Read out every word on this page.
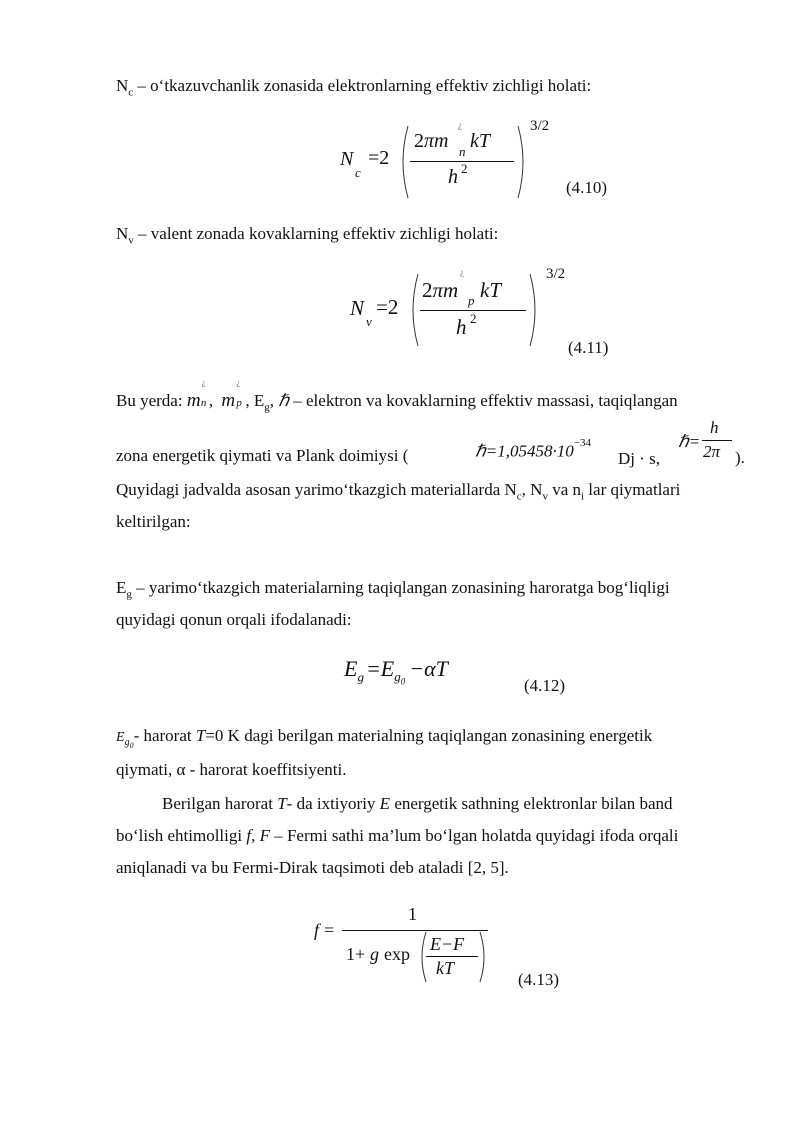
$N_c$ – o‘tkazuvchanlik zonasida elektronlarning effektiv zichligi holati:
N
c
=2
2πm
¿
n kT
h 2
3/2
(4.10)
$N_v$ – valent zonada kovaklarning effektiv zichligi holati:
N
v
=2
2πm
¿
p kT
h 2
3/2
(4.11)
Bu yerda: m
¿
n , m
¿
p , $E_g$, ℏ – elektron va kovaklarning effektiv massasi, taqiqlangan
zona energetik qiymati va Plank doimiysi (	$\hbar=1,05458\cdot 10^{-34}$
Dj · s,
ℏ=
h
2π ).
Quyidagi jadvalda asosan yarimo‘tkazgich materiallarda $N_c$, $N_v$ va $n_i$ lar qiymatlari
keltirilgan:
$E_g$ – yarimo‘tkazgich materialarning taqiqlangan zonasining haroratga bog‘liqligi
quyidagi qonun orqali ifodalanadi:
$E_g=E_{g_0}-\alpha T$
(4.12)
$E_{g_0}-$ harorat T=0 K dagi berilgan materialning taqiqlangan zonasining energetik
qiymati, α - harorat koeffitsiyenti.
Berilgan harorat T- da ixtiyoriy E energetik sathning elektronlar bilan band
bo‘lish ehtimolligi f, F – Fermi sathi ma’lum bo‘lgan holatda quyidagi ifoda orqali
aniqlanadi va bu Fermi-Dirak taqsimoti deb ataladi [2, 5].
f =
1
1+ g exp E−F
kT
(4.13)
